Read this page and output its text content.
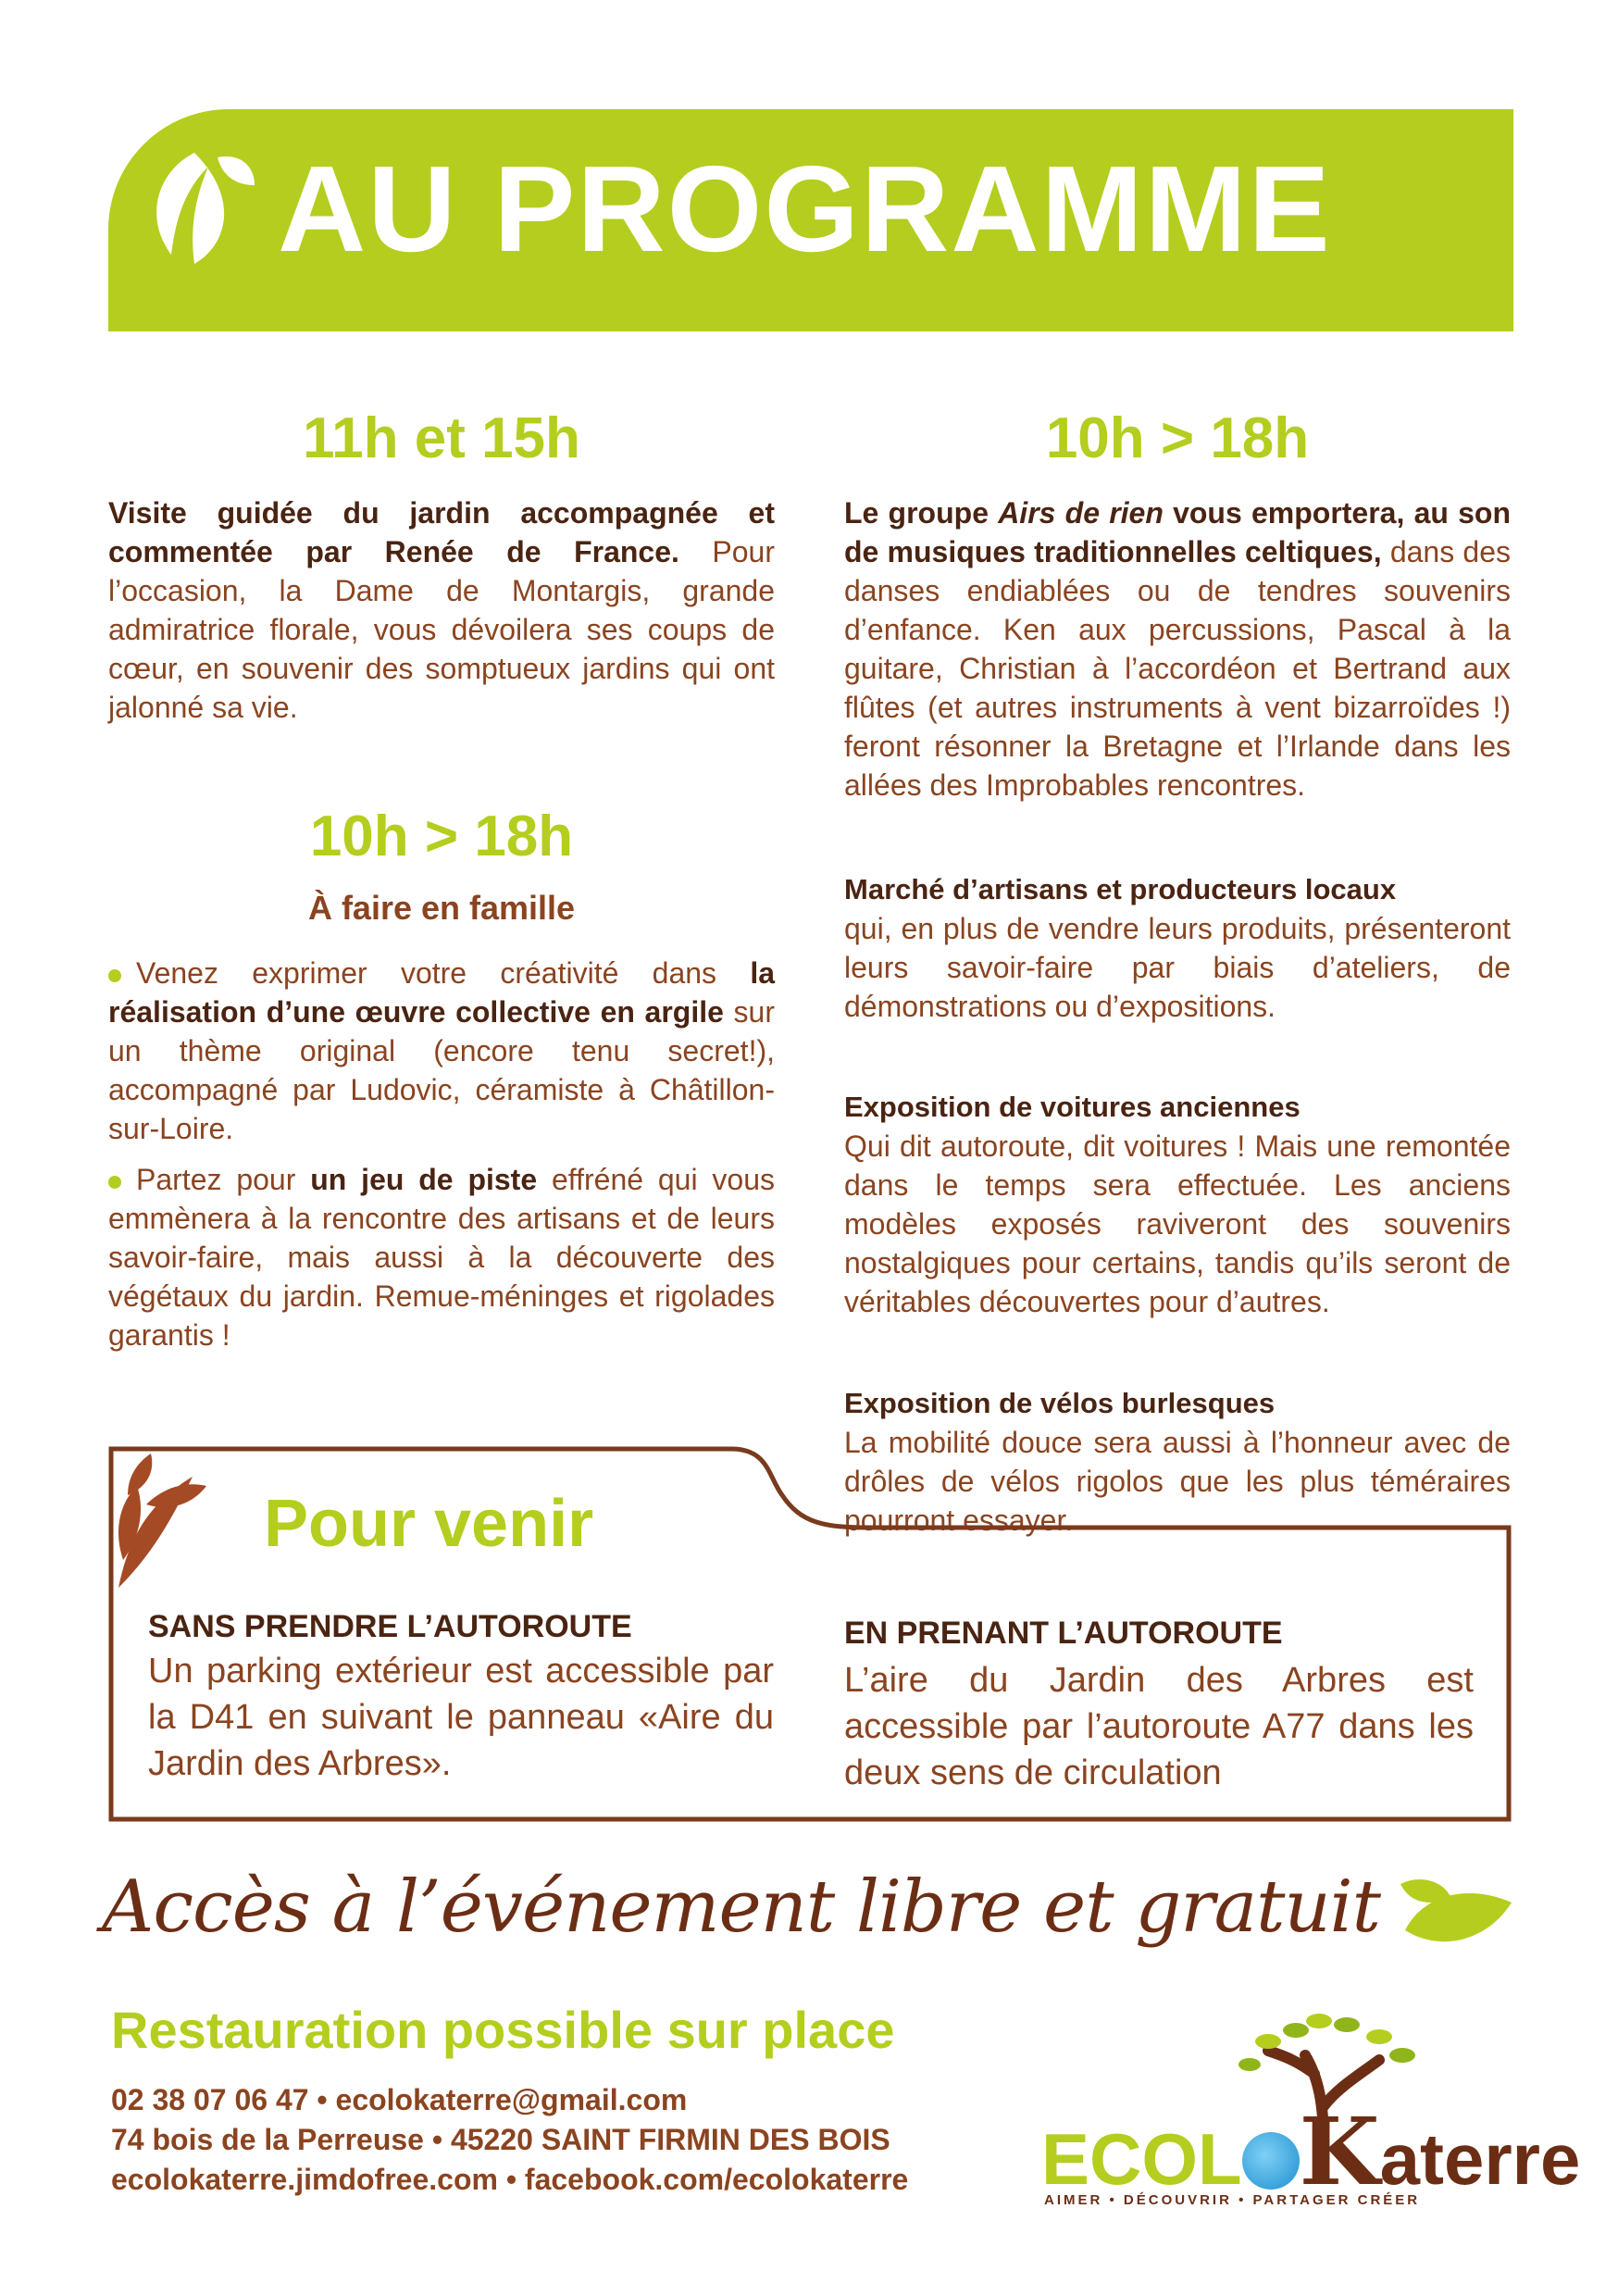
AU PROGRAMME
11h et 15h
Visite guidée du jardin accompagnée et commentée par Renée de France. Pour l’occasion, la Dame de Montargis, grande admiratrice florale, vous dévoilera ses coups de cœur, en souvenir des somptueux jardins qui ont jalonné sa vie.
10h > 18h
À faire en famille
Venez exprimer votre créativité dans la réalisation d’une œuvre collective en argile sur un thème original (encore tenu secret!), accompagné par Ludovic, céramiste à Châtillon-sur-Loire.
Partez pour un jeu de piste effréné qui vous emmènera à la rencontre des artisans et de leurs savoir-faire, mais aussi à la découverte des végétaux du jardin. Remue-méninges et rigolades garantis !
10h > 18h
Le groupe Airs de rien vous emportera, au son de musiques traditionnelles celtiques, dans des danses endiablées ou de tendres souvenirs d’enfance. Ken aux percussions, Pascal à la guitare, Christian à l’accordéon et Bertrand aux flûtes (et autres instruments à vent bizarroïdes !) feront résonner la Bretagne et l’Irlande dans les allées des Improbables rencontres.
Marché d’artisans et producteurs locaux
qui, en plus de vendre leurs produits, présenteront leurs savoir-faire par biais d’ateliers, de démonstrations ou d’expositions.
Exposition de voitures anciennes
Qui dit autoroute, dit voitures ! Mais une remontée dans le temps sera effectuée. Les anciens modèles exposés raviveront des souvenirs nostalgiques pour certains, tandis qu’ils seront de véritables découvertes pour d’autres.
Exposition de vélos burlesques
La mobilité douce sera aussi à l’honneur avec de drôles de vélos rigolos que les plus téméraires pourront essayer.
Pour venir
SANS PRENDRE L’AUTOROUTE
Un parking extérieur est accessible par la D41 en suivant le panneau «Aire du Jardin des Arbres».
EN PRENANT L’AUTOROUTE
L’aire du Jardin des Arbres est accessible par l’autoroute A77 dans les deux sens de circulation
Accès à l’événement libre et gratuit
Restauration possible sur place
02 38 07 06 47 • ecolokaterre@gmail.com
74 bois de la Perreuse • 45220 SAINT FIRMIN DES BOIS
ecolokaterre.jimdofree.com • facebook.com/ecolokaterre ECOL Katerre
AIMER • DÉCOUVRIR • PARTAGER CRÉER
